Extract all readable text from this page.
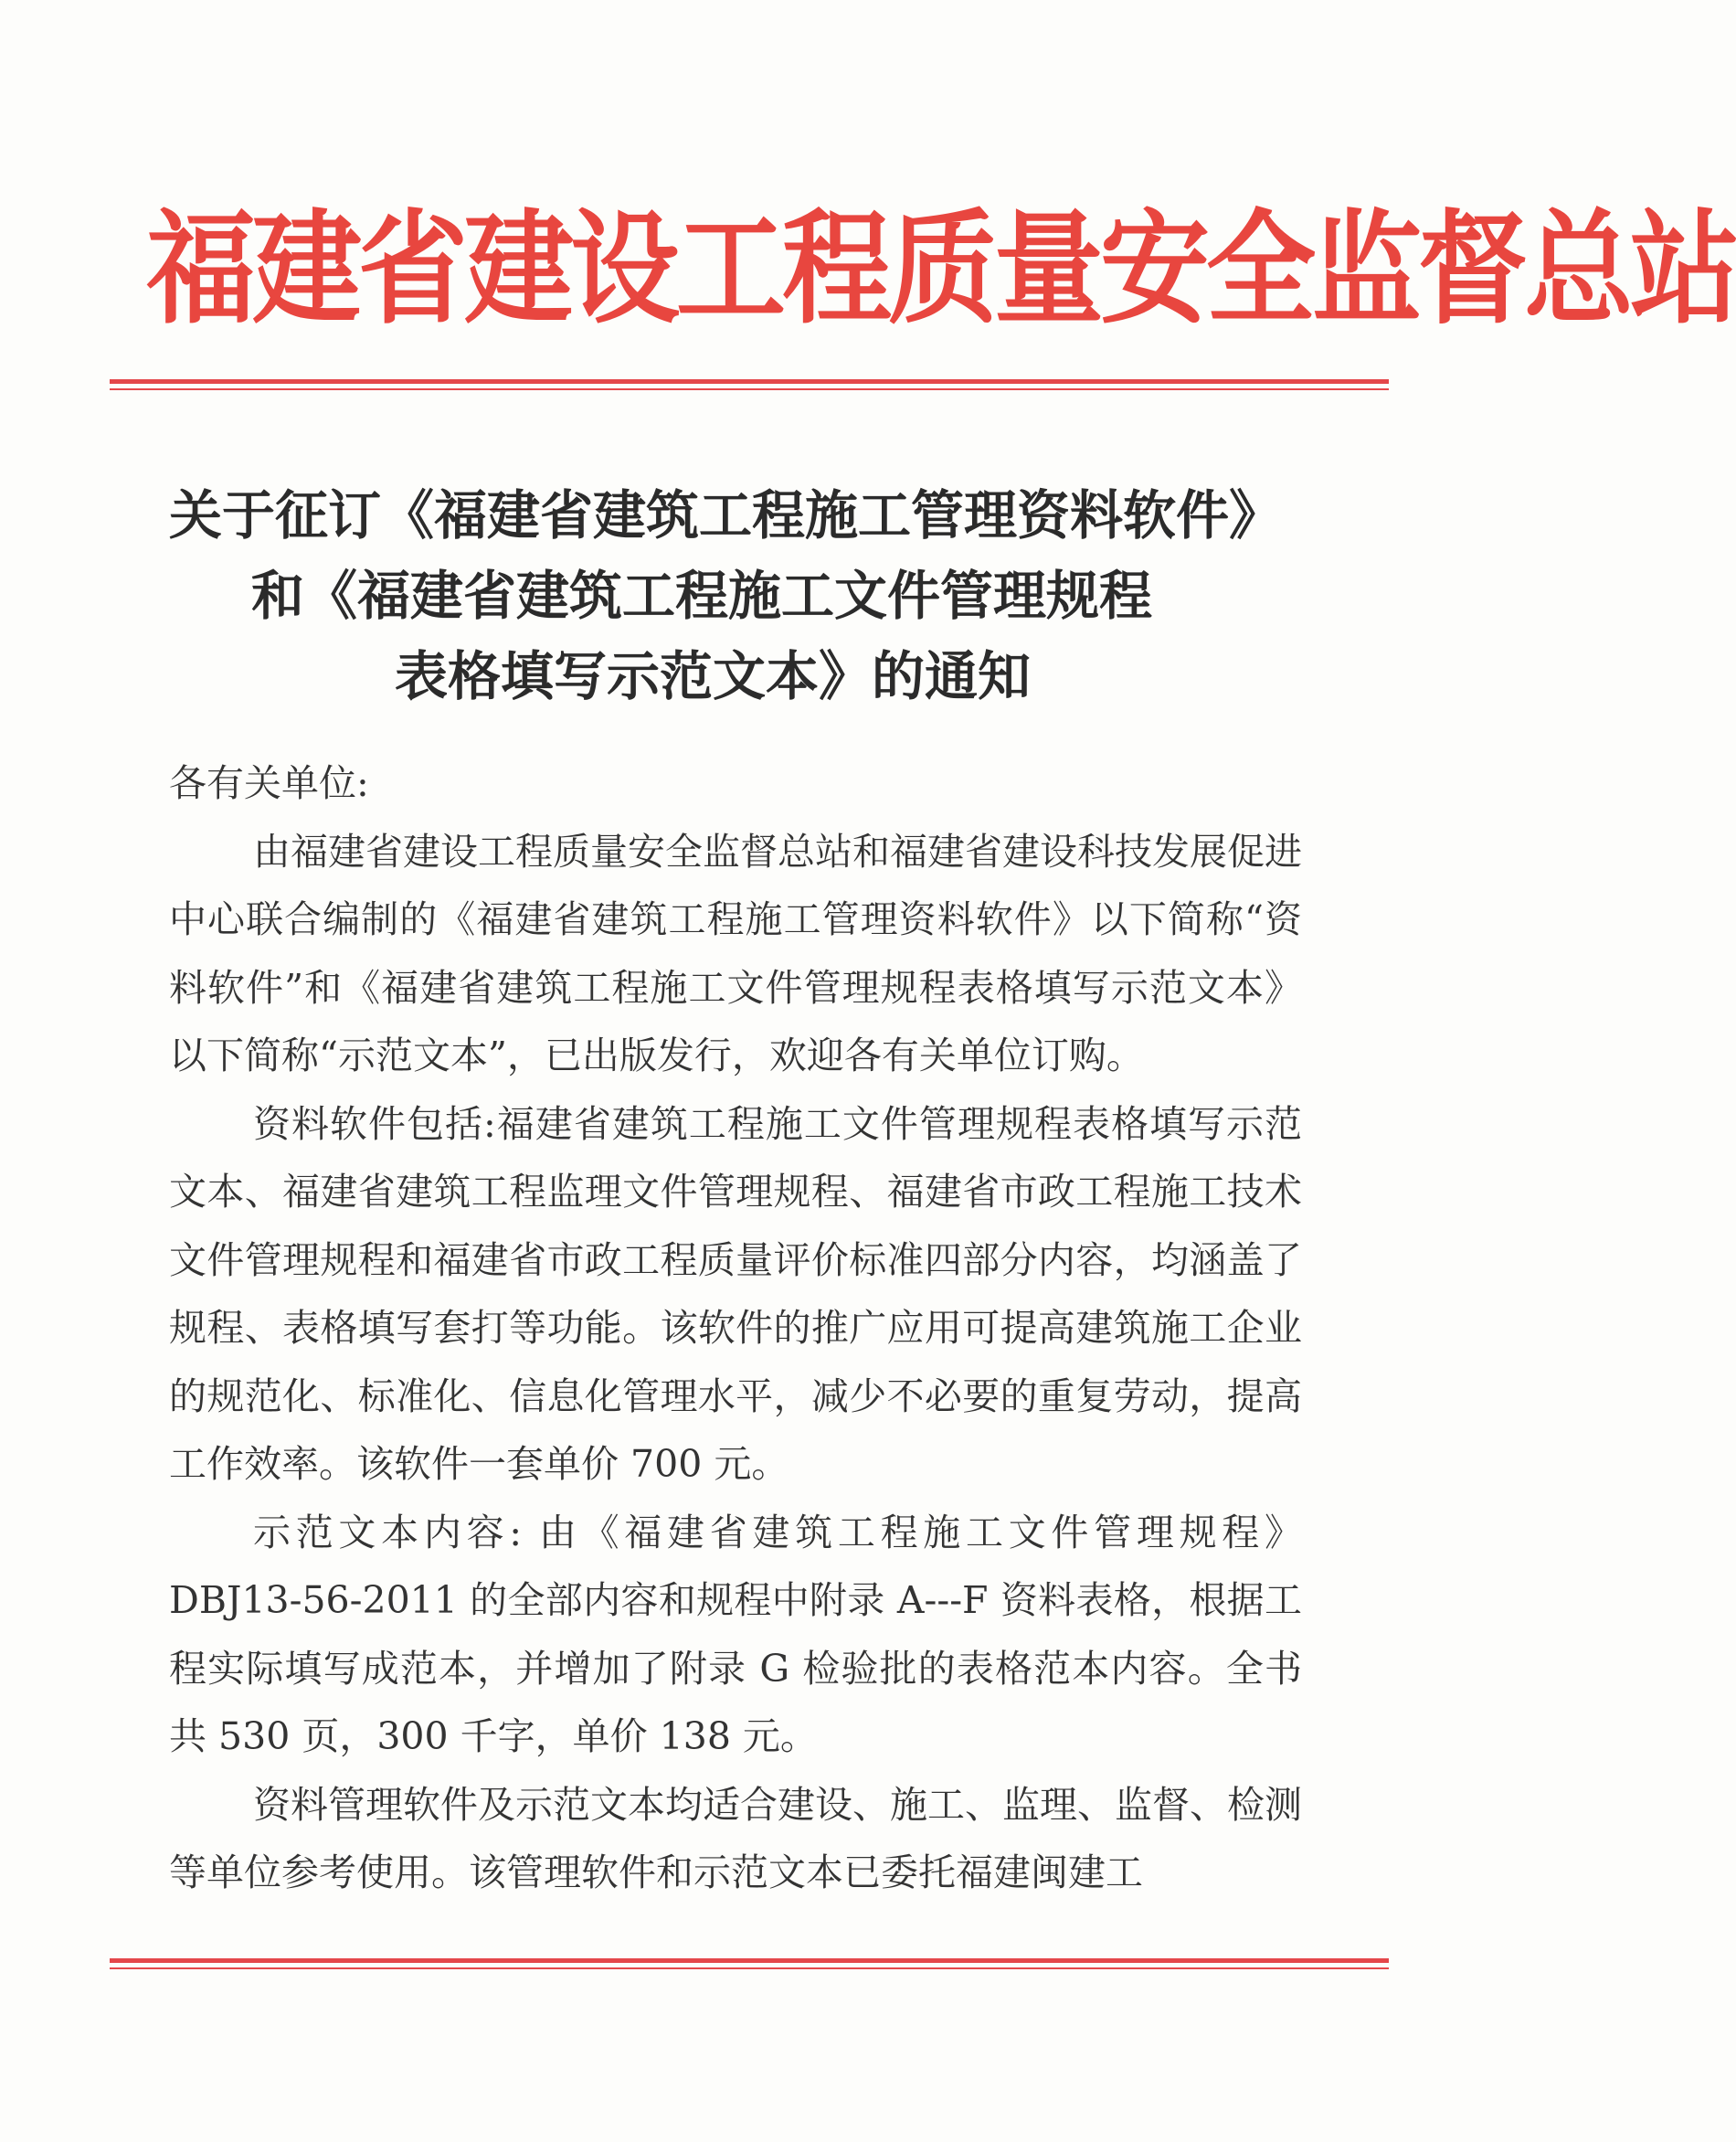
福建省建设工程质量安全监督总站
关于征订《福建省建筑工程施工管理资料软件》
和《福建省建筑工程施工文件管理规程
表格填写示范文本》的通知

各有关单位:

由福建省建设工程质量安全监督总站和福建省建设科技发展促进中心联合编制的《福建省建筑工程施工管理资料软件》以下简称“资料软件”和《福建省建筑工程施工文件管理规程表格填写示范文本》以下简称“示范文本”，已出版发行，欢迎各有关单位订购。

资料软件包括:福建省建筑工程施工文件管理规程表格填写示范文本、福建省建筑工程监理文件管理规程、福建省市政工程施工技术文件管理规程和福建省市政工程质量评价标准四部分内容，均涵盖了规程、表格填写套打等功能。该软件的推广应用可提高建筑施工企业的规范化、标准化、信息化管理水平，减少不必要的重复劳动，提高工作效率。该软件一套单价 700 元。

示范文本内容: 由《福建省建筑工程施工文件管理规程》DBJ13-56-2011 的全部内容和规程中附录 A---F 资料表格，根据工程实际填写成范本，并增加了附录 G 检验批的表格范本内容。全书共 530 页，300 千字，单价 138 元。

资料管理软件及示范文本均适合建设、施工、监理、监督、检测等单位参考使用。该管理软件和示范文本已委托福建闽建工
